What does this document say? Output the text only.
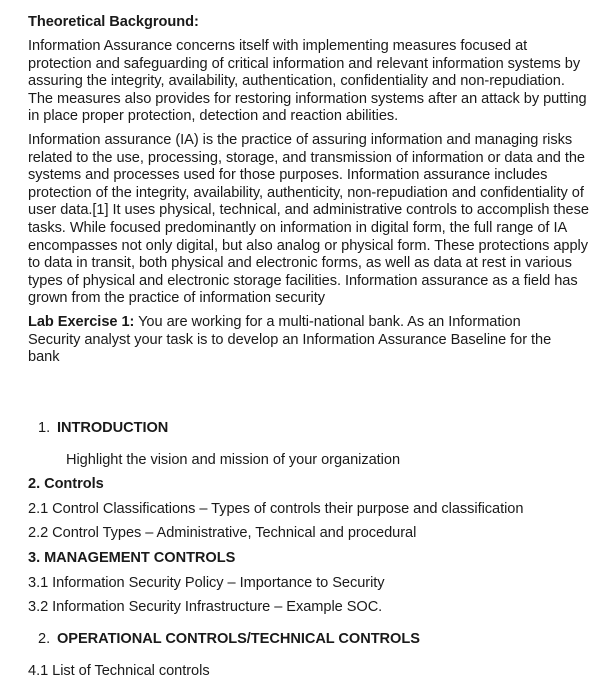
Theoretical Background:
Information Assurance concerns itself with implementing measures focused at protection and safeguarding of critical information and relevant information systems by assuring the integrity, availability, authentication, confidentiality and non-repudiation. The measures also provides for restoring information systems after an attack by putting in place proper protection, detection and reaction abilities.
Information assurance (IA) is the practice of assuring information and managing risks related to the use, processing, storage, and transmission of information or data and the systems and processes used for those purposes. Information assurance includes protection of the integrity, availability, authenticity, non-repudiation and confidentiality of user data.[1] It uses physical, technical, and administrative controls to accomplish these tasks. While focused predominantly on information in digital form, the full range of IA encompasses not only digital, but also analog or physical form. These protections apply to data in transit, both physical and electronic forms, as well as data at rest in various types of physical and electronic storage facilities. Information assurance as a field has grown from the practice of information security
Lab Exercise 1: You are working for a multi-national bank. As an Information Security analyst your task is to develop an Information Assurance Baseline for the bank
1. INTRODUCTION
Highlight the vision and mission of your organization
2. Controls
2.1 Control Classifications – Types of controls their purpose and classification
2.2 Control Types – Administrative, Technical and procedural
3. MANAGEMENT CONTROLS
3.1 Information Security Policy – Importance to Security
3.2 Information Security Infrastructure – Example SOC.
2. OPERATIONAL CONTROLS/TECHNICAL CONTROLS
4.1 List of Technical controls
